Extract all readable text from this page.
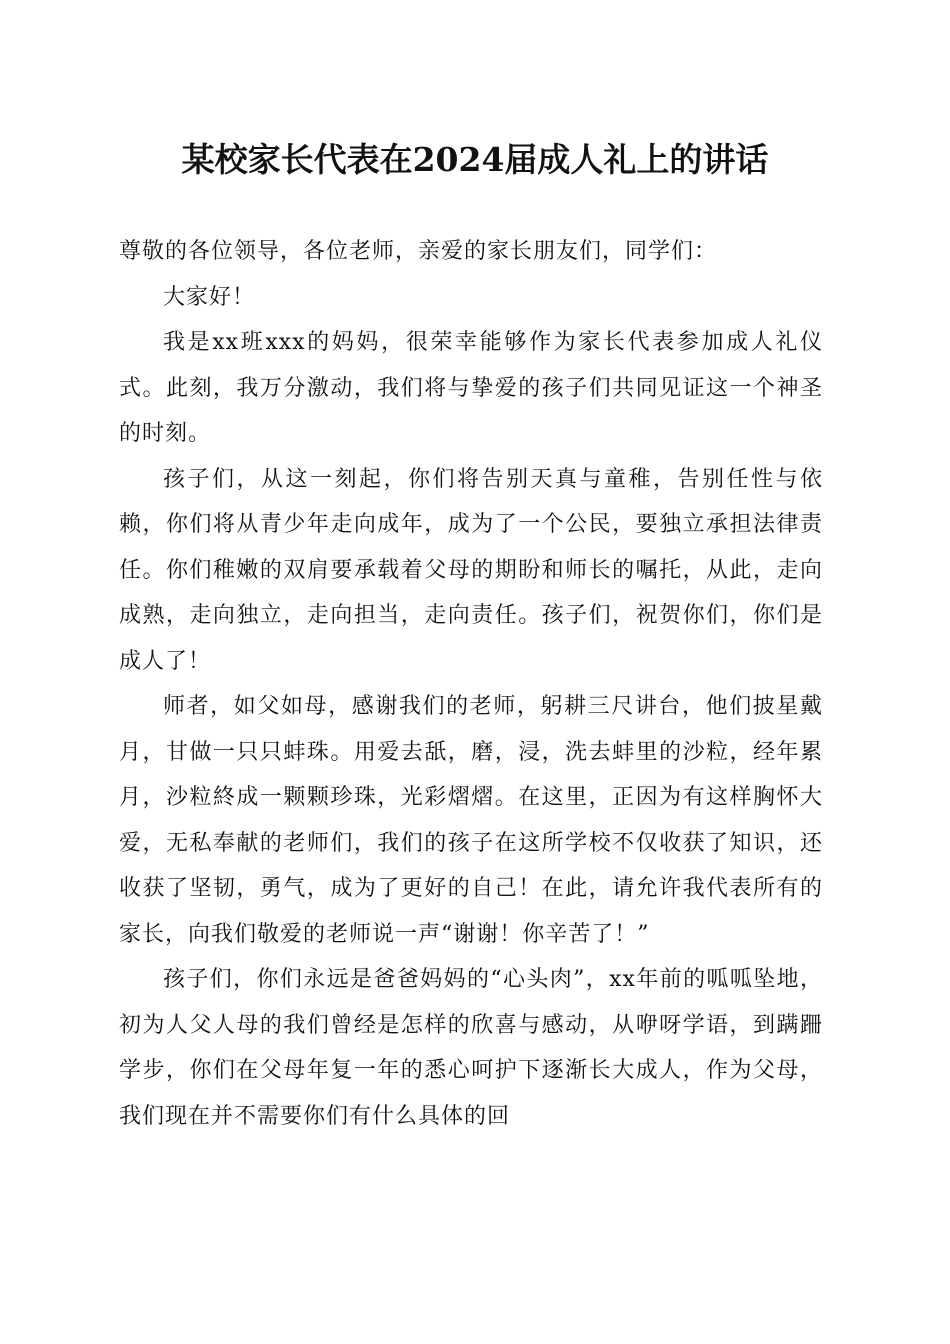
某校家长代表在2024届成人礼上的讲话

尊敬的各位领导，各位老师，亲爱的家长朋友们，同学们：

大家好！

我是xx班xxx的妈妈，很荣幸能够作为家长代表参加成人礼仪式。此刻，我万分激动，我们将与挚爱的孩子们共同见证这一个神圣的时刻。

孩子们，从这一刻起，你们将告别天真与童稚，告别任性与依赖，你们将从青少年走向成年，成为了一个公民，要独立承担法律责任。你们稚嫩的双肩要承载着父母的期盼和师长的嘱托，从此，走向成熟，走向独立，走向担当，走向责任。孩子们，祝贺你们，你们是成人了！

师者，如父如母，感谢我们的老师，躬耕三尺讲台，他们披星戴月，甘做一只只蚌珠。用爱去舐，磨，浸，洗去蚌里的沙粒，经年累月，沙粒終成一颗颗珍珠，光彩熠熠。在这里，正因为有这样胸怀大爱，无私奉献的老师们，我们的孩子在这所学校不仅收获了知识，还收获了坚韧，勇气，成为了更好的自己！在此，请允许我代表所有的家长，向我们敬爱的老师说一声“谢谢！你辛苦了！”

孩子们，你们永远是爸爸妈妈的“心头肉”，xx年前的呱呱坠地，初为人父人母的我们曾经是怎样的欣喜与感动，从咿呀学语，到蹒跚学步，你们在父母年复一年的悉心呵护下逐渐长大成人，作为父母，我们现在并不需要你们有什么具体的回
